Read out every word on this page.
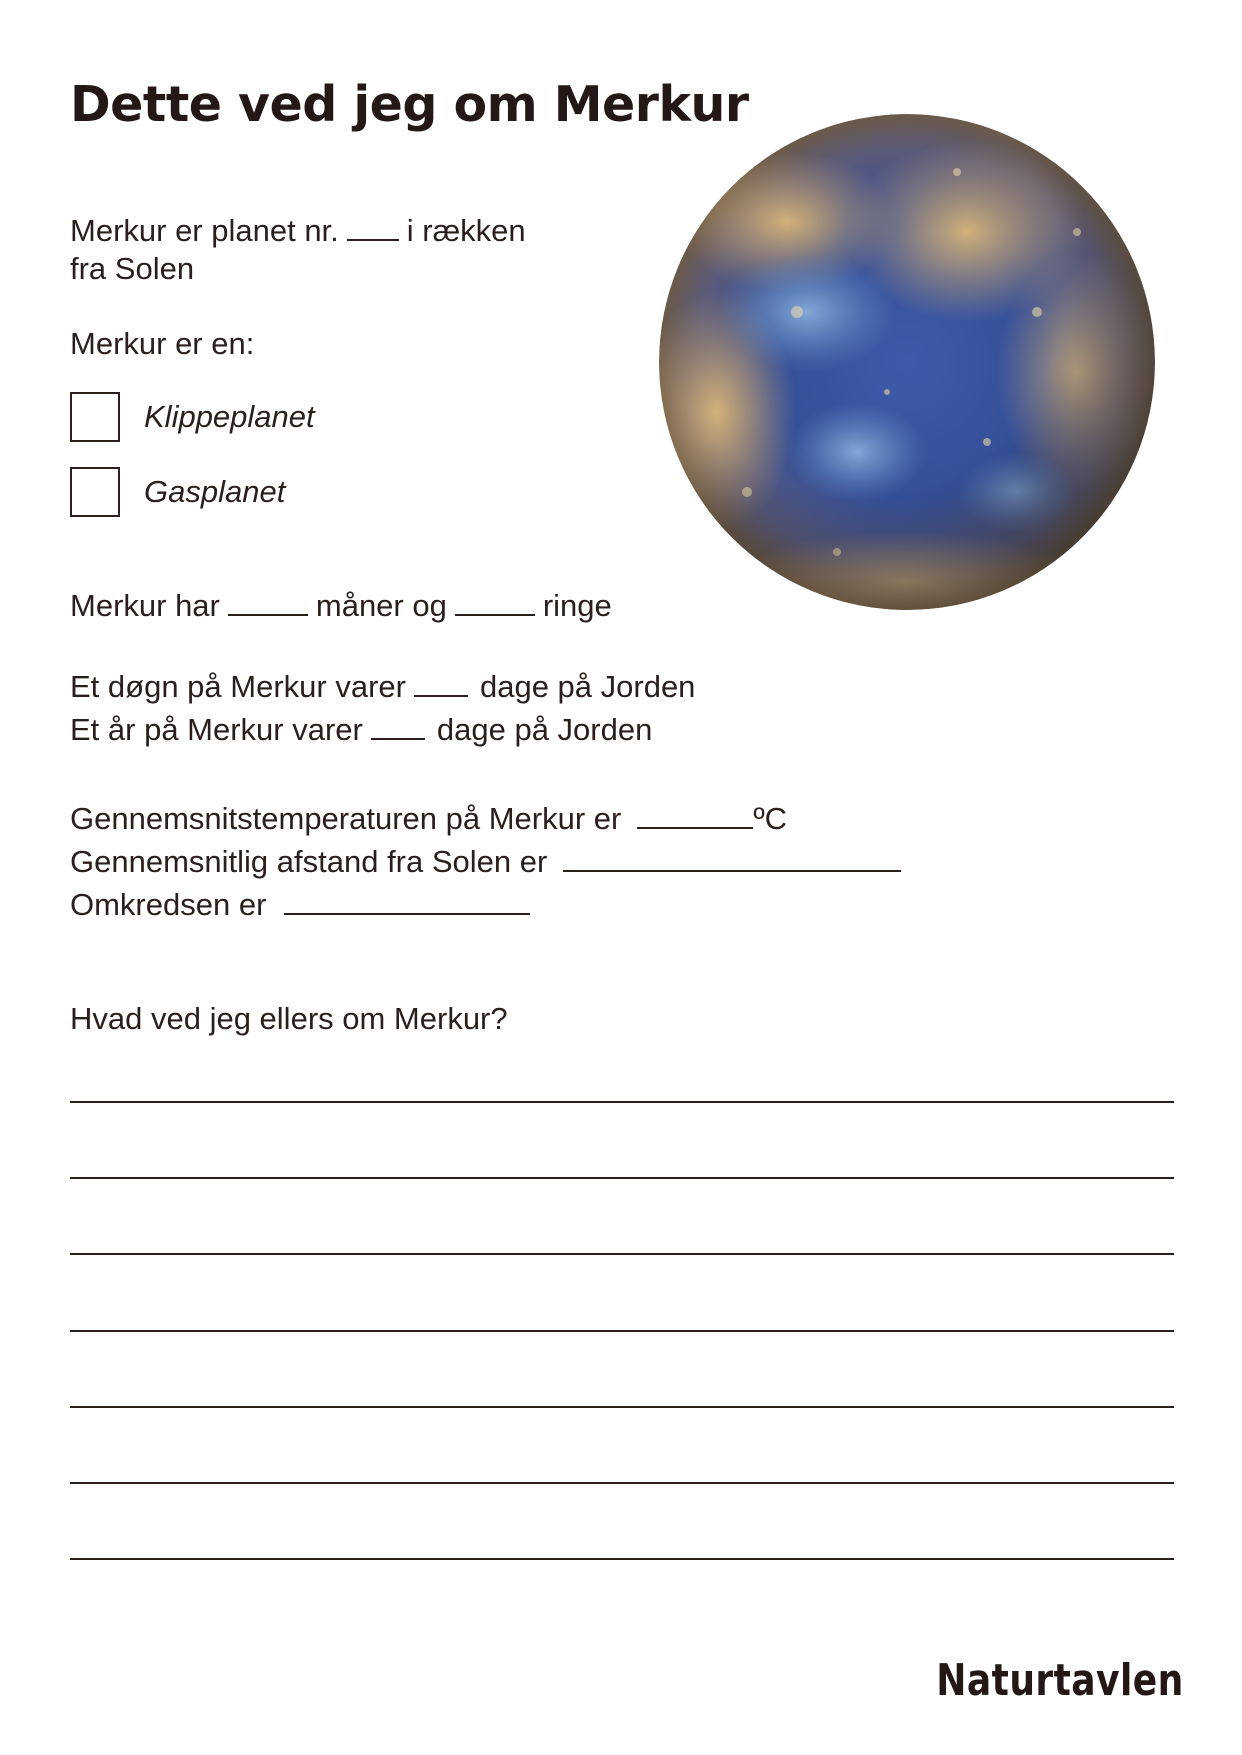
Dette ved jeg om Merkur
Merkur er planet nr. i rækken
fra Solen
Merkur er en:
Klippeplanet
Gasplanet
Merkur har	måner og	ringe
Et døgn på Merkur varer dage på Jorden
Et år på Merkur varer dage på Jorden
Gennemsnitstemperaturen på Merkur er	ºC
Gennemsnitlig afstand fra Solen er
Omkredsen er
Hvad ved jeg ellers om Merkur?
Naturtavlen
